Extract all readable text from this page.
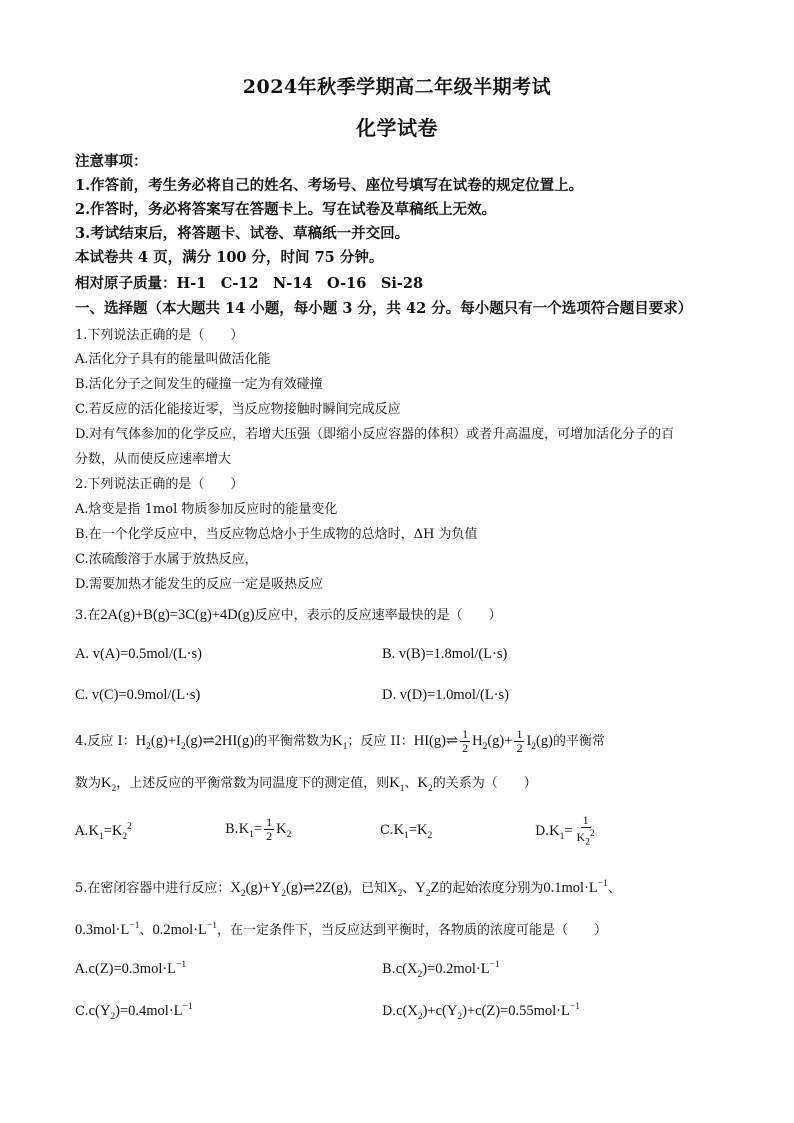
2024年秋季学期高二年级半期考试
化学试卷
注意事项：
1.作答前，考生务必将自己的姓名、考场号、座位号填写在试卷的规定位置上。
2.作答时，务必将答案写在答题卡上。写在试卷及草稿纸上无效。
3.考试结束后，将答题卡、试卷、草稿纸一并交回。
本试卷共 4 页，满分 100 分，时间 75 分钟。
相对原子质量：H-1　C-12　N-14　O-16　Si-28
一、选择题（本大题共 14 小题，每小题 3 分，共 42 分。每小题只有一个选项符合题目要求）
1.下列说法正确的是（　　）
A.活化分子具有的能量叫做活化能
B.活化分子之间发生的碰撞一定为有效碰撞
C.若反应的活化能接近零，当反应物接触时瞬间完成反应
D.对有气体参加的化学反应，若增大压强（即缩小反应容器的体积）或者升高温度，可增加活化分子的百
分数，从而使反应速率增大
2.下列说法正确的是（　　）
A.焓变是指 1mol 物质参加反应时的能量变化
B.在一个化学反应中，当反应物总焓小于生成物的总焓时，ΔH 为负值
C.浓硫酸溶于水属于放热反应，
D.需要加热才能发生的反应一定是吸热反应
3.在2A(g)+B(g)=3C(g)+4D(g)反应中，表示的反应速率最快的是（　　）
A. v(A)=0.5mol/(L·s)	B. v(B)=1.8mol/(L·s)
C. v(C)=0.9mol/(L·s)	D. v(D)=1.0mol/(L·s)
4.反应 I：$H_2(g)+I_2(g)\rightleftharpoons 2HI(g)$的平衡常数为$K_1$；反应 II：HI(g)⇌ $\frac{1}{2} H_2(g)+ \frac{1}{2} I_2(g)$的平衡常
数为$K_2$，上述反应的平衡常数为同温度下的测定值，则$K_1$、$K_2$的关系为（　　）
$A.K_1=K_2^2$	$B.K_1= \frac{1}{2} K_2$	$C.K_1=K_2$	$D.K_1= \frac{1}{K_2^2}$
5.在密闭容器中进行反应：$X_2(g)+Y_2(g)\rightleftharpoons 2Z(g)$，已知$X_2$、$Y_2Z$的起始浓度分别为$0.1mol\cdot L^{-1}$、
$0.3mol\cdot L^{-1}$、$0.2mol\cdot L^{-1}$，在一定条件下，当反应达到平衡时，各物质的浓度可能是（　　）
$A.c(Z)=0.3mol\cdot L^{-1}$	$B.c(X_2)=0.2mol\cdot L^{-1}$
$C.c(Y_2)=0.4mol\cdot L^{-1}$	$D.c(X_2)+c(Y_2)+c(Z)=0.55mol\cdot L^{-1}$
